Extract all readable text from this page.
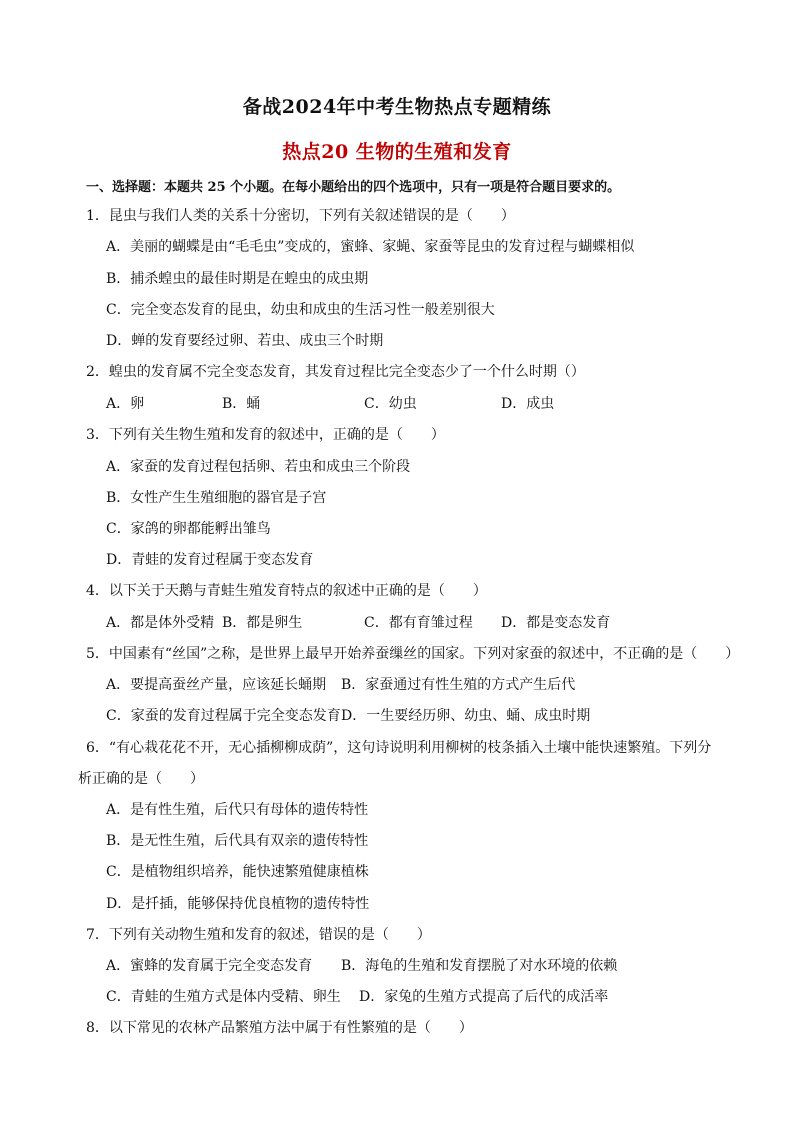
备战2024年中考生物热点专题精练
热点20 生物的生殖和发育
一、选择题：本题共 25 个小题。在每小题给出的四个选项中，只有一项是符合题目要求的。
1．昆虫与我们人类的关系十分密切，下列有关叙述错误的是（　　）
A．美丽的蝴蝶是由“毛毛虫”变成的，蜜蜂、家蝇、家蚕等昆虫的发育过程与蝴蝶相似
B．捕杀蝗虫的最佳时期是在蝗虫的成虫期
C．完全变态发育的昆虫，幼虫和成虫的生活习性一般差别很大
D．蝉的发育要经过卵、若虫、成虫三个时期
2．蝗虫的发育属不完全变态发育，其发育过程比完全变态少了一个什么时期（）
A．卵	B．蛹	C．幼虫	D．成虫
3．下列有关生物生殖和发育的叙述中，正确的是（　　）
A．家蚕的发育过程包括卵、若虫和成虫三个阶段
B．女性产生生殖细胞的器官是子宫
C．家鸽的卵都能孵出雏鸟
D．青蛙的发育过程属于变态发育
4．以下关于天鹅与青蛙生殖发育特点的叙述中正确的是（　　）
A．都是体外受精 B．都是卵生	C．都有育雏过程 D．都是变态发育
5．中国素有“丝国”之称，是世界上最早开始养蚕缫丝的国家。下列对家蚕的叙述中，不正确的是（　　）
A．要提高蚕丝产量，应该延长蛹期 B．家蚕通过有性生殖的方式产生后代
C．家蚕的发育过程属于完全变态发育 D．一生要经历卵、幼虫、蛹、成虫时期
6．“有心栽花花不开，无心插柳柳成荫”，这句诗说明利用柳树的枝条插入土壤中能快速繁殖。下列分
析正确的是（　　）
A．是有性生殖，后代只有母体的遗传特性
B．是无性生殖，后代具有双亲的遗传特性
C．是植物组织培养，能快速繁殖健康植株
D．是扦插，能够保持优良植物的遗传特性
7．下列有关动物生殖和发育的叙述，错误的是（　　）
A．蜜蜂的发育属于完全变态发育 B．海龟的生殖和发育摆脱了对水环境的依赖
C．青蛙的生殖方式是体内受精、卵生 D．家兔的生殖方式提高了后代的成活率
8．以下常见的农林产品繁殖方法中属于有性繁殖的是（　　）
